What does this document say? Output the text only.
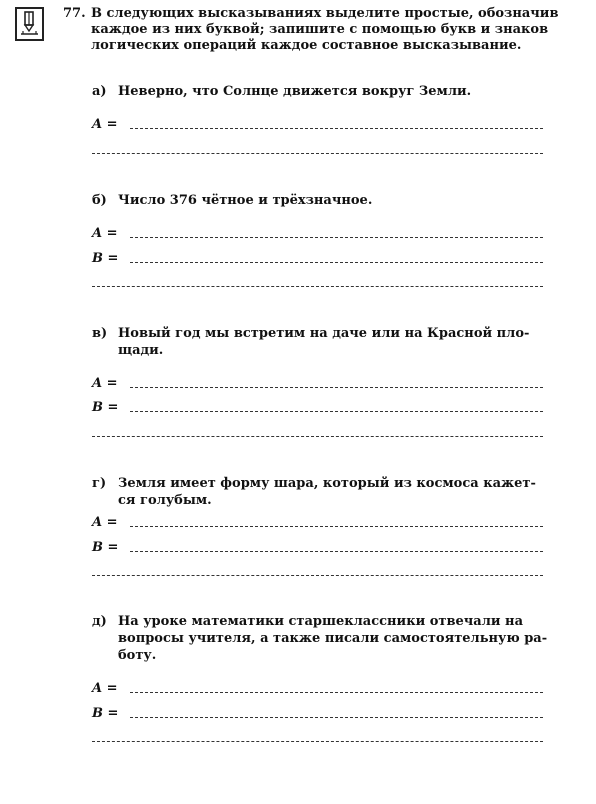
77. В следующих высказываниях выделите простые, обозначив
каждое из них буквой; запишите с помощью букв и знаков
логических операций каждое составное высказывание.
а) Неверно, что Солнце движется вокруг Земли.
A =
б) Число 376 чётное и трёхзначное.
A =
B =
в) Новый год мы встретим на даче или на Красной пло-
щади.
A =
B =
г) Земля имеет форму шара, который из космоса кажет-
ся голубым.
A =
B =
д) На уроке математики старшеклассники отвечали на
вопросы учителя, а также писали самостоятельную ра-
боту.
A =
B =
